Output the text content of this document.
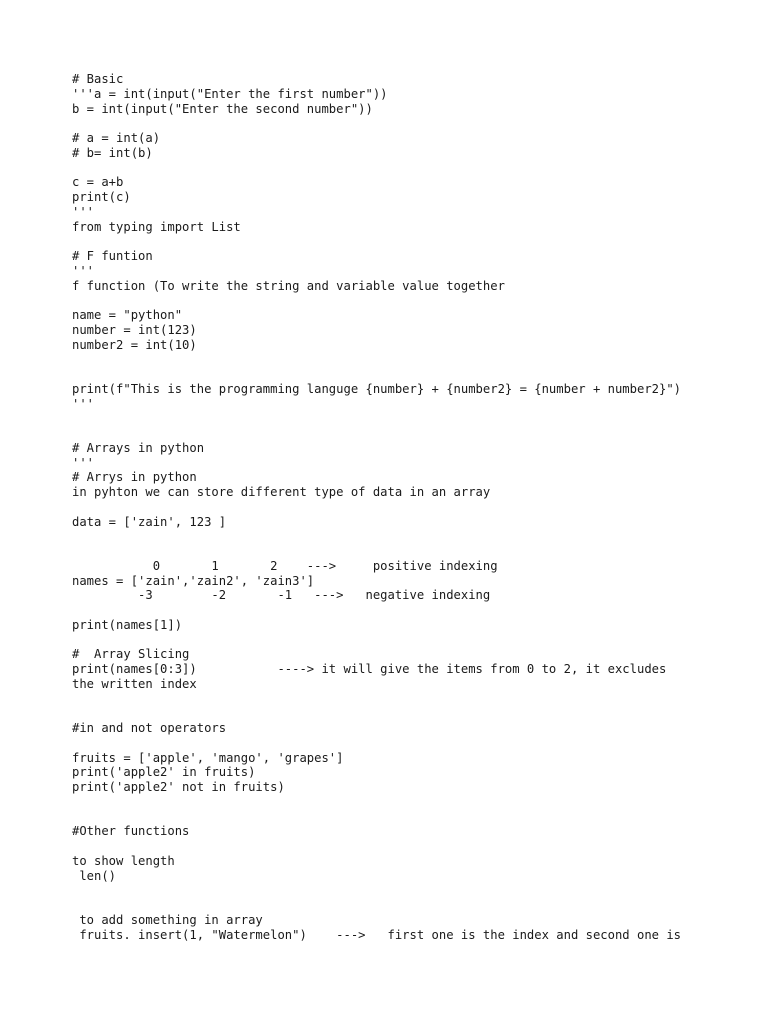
# Basic
'''a = int(input("Enter the first number"))
b = int(input("Enter the second number"))
# a = int(a)
# b= int(b)
c = a+b
print(c)
'''
from typing import List
# F funtion
'''
f function (To write the string and variable value together
name = "python"
number = int(123)
number2 = int(10)
print(f"This is the programming languge {number} + {number2} = {number + number2}")
'''
# Arrays in python
'''
# Arrys in python
in pyhton we can store different type of data in an array
data = ['zain', 123 ]
0       1       2    --->     positive indexing
names = ['zain','zain2', 'zain3']
-3        -2       -1   --->   negative indexing
print(names[1])
#  Array Slicing
print(names[0:3])           ----> it will give the items from 0 to 2, it excludes
the written index
#in and not operators
fruits = ['apple', 'mango', 'grapes']
print('apple2' in fruits)
print('apple2' not in fruits)
#Other functions
to show length
len()
to add something in array
fruits. insert(1, "Watermelon")    --->   first one is the index and second one is
